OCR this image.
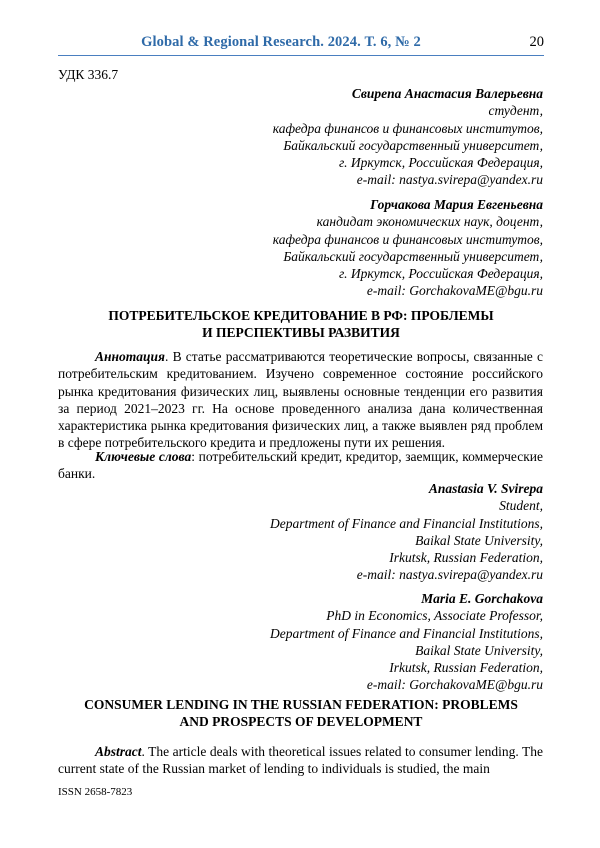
Global & Regional Research. 2024. Т. 6, № 2	20
УДК 336.7
Свирепа Анастасия Валерьевна
студент,
кафедра финансов и финансовых институтов,
Байкальский государственный университет,
г. Иркутск, Российская Федерация,
e-mail: nastya.svirepa@yandex.ru
Горчакова Мария Евгеньевна
кандидат экономических наук, доцент,
кафедра финансов и финансовых институтов,
Байкальский государственный университет,
г. Иркутск, Российская Федерация,
e-mail: GorchakovaME@bgu.ru
ПОТРЕБИТЕЛЬСКОЕ КРЕДИТОВАНИЕ В РФ: ПРОБЛЕМЫ
И ПЕРСПЕКТИВЫ РАЗВИТИЯ
Аннотация. В статье рассматриваются теоретические вопросы, связанные с потребительским кредитованием. Изучено современное состояние российского рынка кредитования физических лиц, выявлены основные тенденции его развития за период 2021–2023 гг. На основе проведенного анализа дана количественная характеристика рынка кредитования физических лиц, а также выявлен ряд проблем в сфере потребительского кредита и предложены пути их решения.
Ключевые слова: потребительский кредит, кредитор, заемщик, коммерческие банки.
Anastasia V. Svirepa
Student,
Department of Finance and Financial Institutions,
Baikal State University,
Irkutsk, Russian Federation,
e-mail: nastya.svirepa@yandex.ru
Maria E. Gorchakova
PhD in Economics, Associate Professor,
Department of Finance and Financial Institutions,
Baikal State University,
Irkutsk, Russian Federation,
e-mail: GorchakovaME@bgu.ru
CONSUMER LENDING IN THE RUSSIAN FEDERATION: PROBLEMS
AND PROSPECTS OF DEVELOPMENT
Abstract. The article deals with theoretical issues related to consumer lending. The current state of the Russian market of lending to individuals is studied, the main
ISSN 2658-7823
